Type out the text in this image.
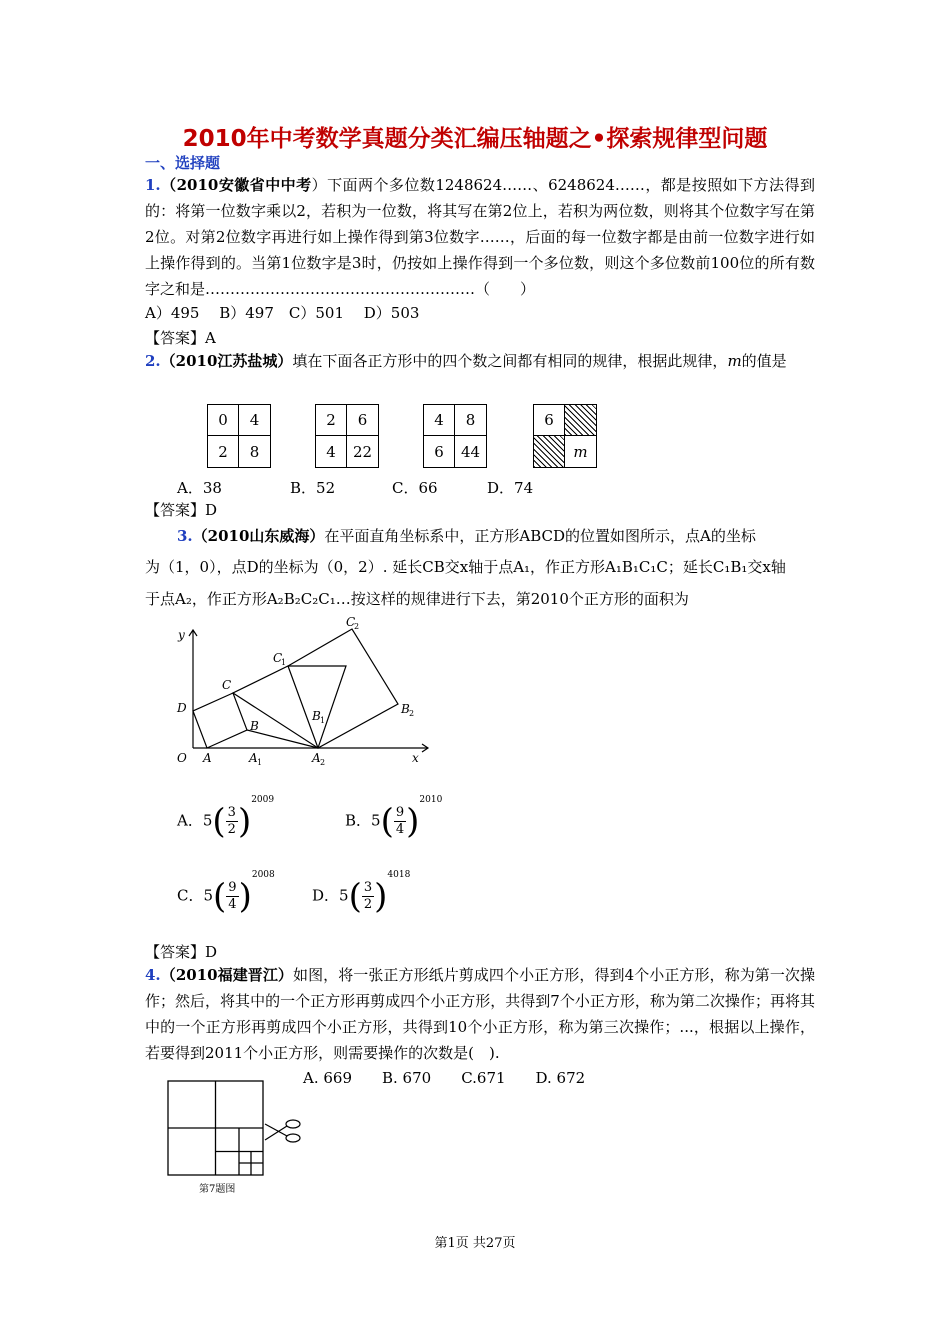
2010年中考数学真题分类汇编压轴题之•探索规律型问题
一、选择题
1.（2010安徽省中中考）下面两个多位数1248624……、6248624……，都是按照如下方法得到的：将第一位数字乘以2，若积为一位数，将其写在第2位上，若积为两位数，则将其个位数字写在第2位。对第2位数字再进行如上操作得到第3位数字……，后面的每一位数字都是由前一位数字进行如上操作得到的。当第1位数字是3时，仍按如上操作得到一个多位数，则这个多位数前100位的所有数字之和是………………………………………………（　　）
A）495　 B）497　C）501　 D）503
【答案】A
2.（2010江苏盐城）填在下面各正方形中的四个数之间都有相同的规律，根据此规律，m的值是
0	4
2	8
2	6
4	22
4	8
6	44
6
m
A．38	B．52	C．66	D．74
【答案】D
3.（2010山东威海）在平面直角坐标系中，正方形ABCD的位置如图所示，点A的坐标
为（1，0），点D的坐标为（0，2）. 延长CB交x轴于点A₁，作正方形A₁B₁C₁C；延长C₁B₁交x轴
于点A₂，作正方形A₂B₂C₂C₁…按这样的规律进行下去，第2010个正方形的面积为
y
x
O A	A 1	A 2
B
B 1
B 2
C
C
1
C
2
D
A．$5( \frac{3}{2} )^{2009}$
B．$5( \frac{9}{4} )^{2010}$
C．$5( \frac{9}{4} )^{2008}$
D．$5( \frac{3}{2} )^{4018}$
【答案】D
4.（2010福建晋江）如图，将一张正方形纸片剪成四个小正方形，得到4个小正方形，称为第一次操作；然后，将其中的一个正方形再剪成四个小正方形，共得到7个小正方形，称为第二次操作；再将其中的一个正方形再剪成四个小正方形，共得到10个小正方形，称为第三次操作；...，根据以上操作，若要得到2011个小正方形，则需要操作的次数是(　).
A. 669　　B. 670　　C.671　　D. 672
第7题图
第1页 共27页
